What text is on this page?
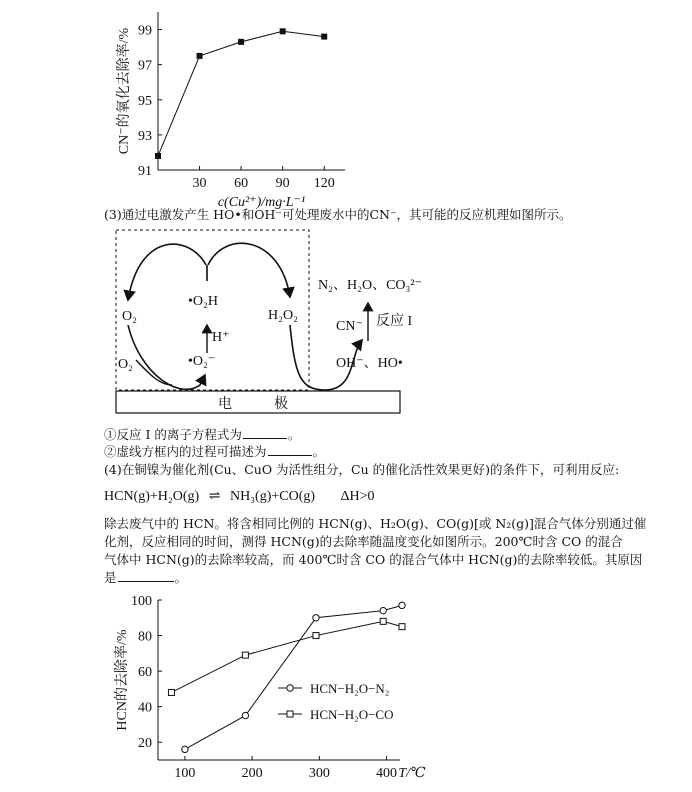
91
93
95
97
99
30 60 90 120
CN⁻的氧化去除率/%
c(Cu²⁺)/mg·L⁻¹
(3)通过电激发产生 HO•和OH⁻可处理废水中的CN⁻，其可能的反应机理如图所示。
电　　　极
O₂
•O₂H
H⁺
•O₂⁻
O₂
H₂O₂
N₂、H₂O、CO₃²⁻
CN⁻ 反应 I
OH⁻、HO•
①反应 I 的离子方程式为	。
②虚线方框内的过程可描述为	。
(4)在铜镍为催化剂(Cu、CuO 为活性组分，Cu 的催化活性效果更好)的条件下，可利用反应:
HCN(g)+H₂O(g) ⇌ NH₃(g)+CO(g) ΔH>0
除去废气中的 HCN。将含相同比例的 HCN(g)、H₂O(g)、CO(g)[或 N₂(g)]混合气体分别通过催
化剂，反应相同的时间，测得 HCN(g)的去除率随温度变化如图所示。200℃时含 CO 的混合
气体中 HCN(g)的去除率较高，而 400℃时含 CO 的混合气体中 HCN(g)的去除率较低。其原因
是	。
20
40
60
80
100
100	200	300	400 T/℃
HCN的去除率/%	HCN−H₂O−N₂
HCN−H₂O−CO
